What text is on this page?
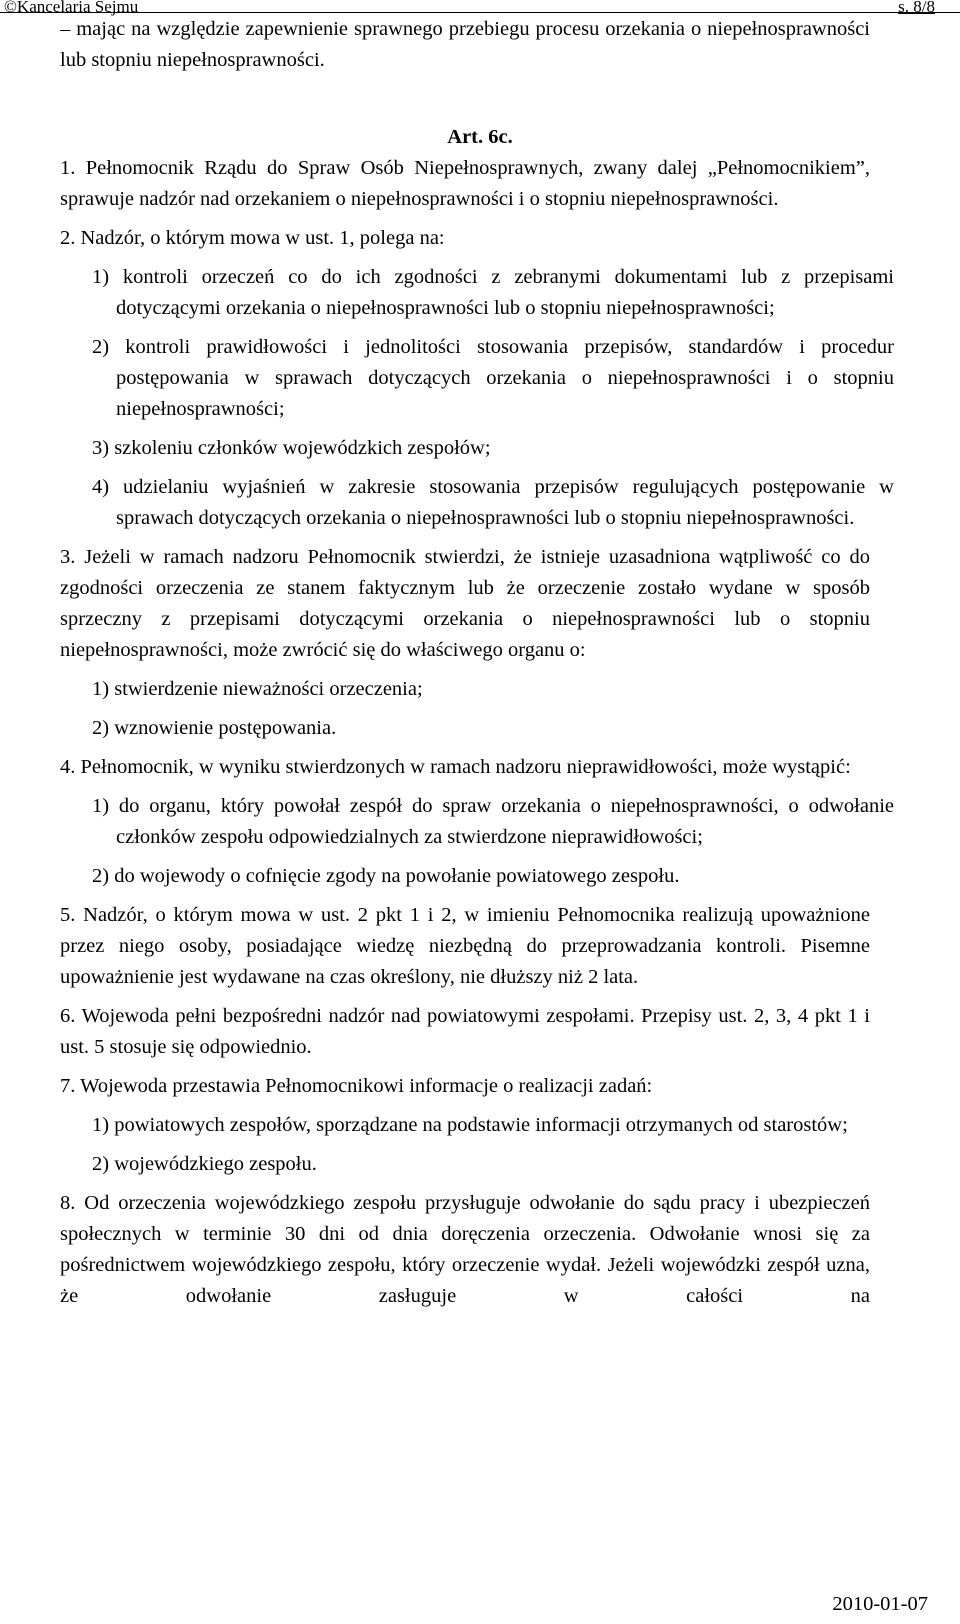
©Kancelaria Sejmu	s. 8/8

– mając na względzie zapewnienie sprawnego przebiegu procesu orzekania o niepełnosprawności lub stopniu niepełnosprawności.

Art. 6c.

1. Pełnomocnik Rządu do Spraw Osób Niepełnosprawnych, zwany dalej „Pełnomocnikiem”, sprawuje nadzór nad orzekaniem o niepełnosprawności i o stopniu niepełnosprawności.

2. Nadzór, o którym mowa w ust. 1, polega na:

1) kontroli orzeczeń co do ich zgodności z zebranymi dokumentami lub z przepisami dotyczącymi orzekania o niepełnosprawności lub o stopniu niepełnosprawności;

2) kontroli prawidłowości i jednolitości stosowania przepisów, standardów i procedur postępowania w sprawach dotyczących orzekania o niepełnosprawności i o stopniu niepełnosprawności;

3) szkoleniu członków wojewódzkich zespołów;

4) udzielaniu wyjaśnień w zakresie stosowania przepisów regulujących postępowanie w sprawach dotyczących orzekania o niepełnosprawności lub o stopniu niepełnosprawności.

3. Jeżeli w ramach nadzoru Pełnomocnik stwierdzi, że istnieje uzasadniona wątpliwość co do zgodności orzeczenia ze stanem faktycznym lub że orzeczenie zostało wydane w sposób sprzeczny z przepisami dotyczącymi orzekania o niepełnosprawności lub o stopniu niepełnosprawności, może zwrócić się do właściwego organu o:

1) stwierdzenie nieważności orzeczenia;

2) wznowienie postępowania.

4. Pełnomocnik, w wyniku stwierdzonych w ramach nadzoru nieprawidłowości, może wystąpić:

1) do organu, który powołał zespół do spraw orzekania o niepełnosprawności, o odwołanie członków zespołu odpowiedzialnych za stwierdzone nieprawidłowości;

2) do wojewody o cofnięcie zgody na powołanie powiatowego zespołu.

5. Nadzór, o którym mowa w ust. 2 pkt 1 i 2, w imieniu Pełnomocnika realizują upoważnione przez niego osoby, posiadające wiedzę niezbędną do przeprowadzania kontroli. Pisemne upoważnienie jest wydawane na czas określony, nie dłuższy niż 2 lata.

6. Wojewoda pełni bezpośredni nadzór nad powiatowymi zespołami. Przepisy ust. 2, 3, 4 pkt 1 i ust. 5 stosuje się odpowiednio.

7. Wojewoda przestawia Pełnomocnikowi informacje o realizacji zadań:

1) powiatowych zespołów, sporządzane na podstawie informacji otrzymanych od starostów;

2) wojewódzkiego zespołu.

8. Od orzeczenia wojewódzkiego zespołu przysługuje odwołanie do sądu pracy i ubezpieczeń społecznych w terminie 30 dni od dnia doręczenia orzeczenia. Odwołanie wnosi się za pośrednictwem wojewódzkiego zespołu, który orzeczenie wydał. Jeżeli wojewódzki zespół uzna, że odwołanie zasługuje w całości na

2010-01-07
